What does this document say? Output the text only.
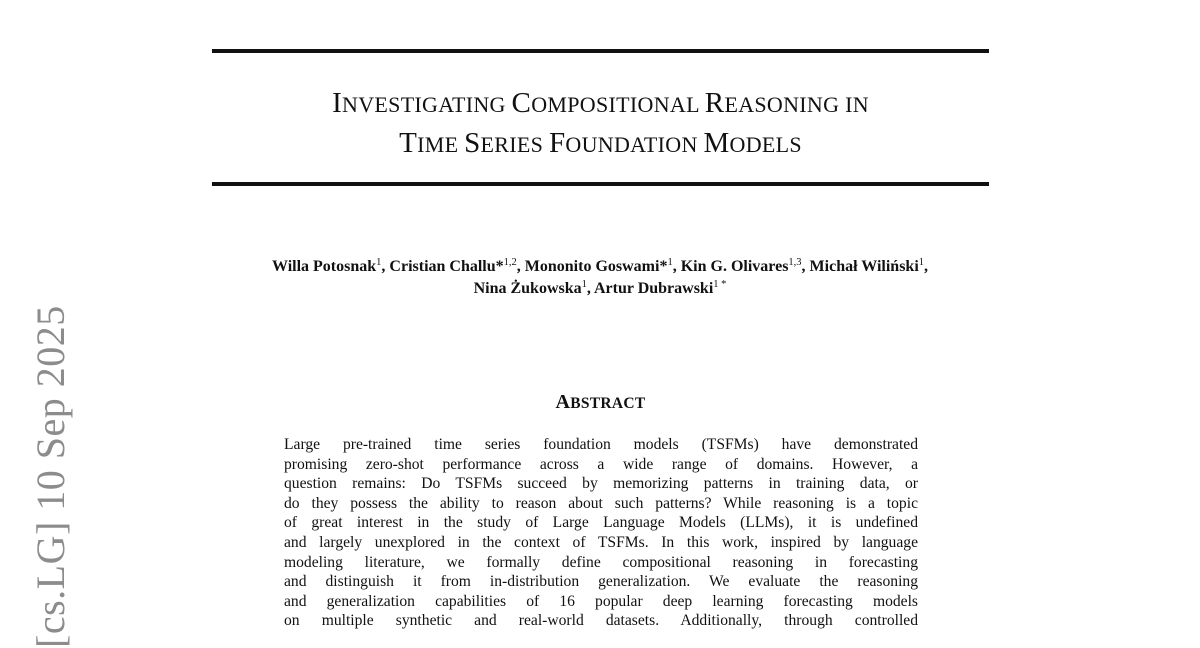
INVESTIGATING COMPOSITIONAL REASONING IN
TIME SERIES FOUNDATION MODELS
Willa Potosnak$^1$, Cristian Challu*$^{1,2}$, Mononito Goswami*$^1$, Kin G. Olivares$^{1,3}$, Michał Wiliński$^1$,
Nina Żukowska$^1$, Artur Dubrawski$^{1 *}$
ABSTRACT

Large pre-trained time series foundation models (TSFMs) have demonstrated
promising zero-shot performance across a wide range of domains. However, a
question remains: Do TSFMs succeed by memorizing patterns in training data, or
do they possess the ability to reason about such patterns? While reasoning is a topic
of great interest in the study of Large Language Models (LLMs), it is undefined
and largely unexplored in the context of TSFMs. In this work, inspired by language
modeling literature, we formally define compositional reasoning in forecasting
and distinguish it from in-distribution generalization. We evaluate the reasoning
and generalization capabilities of 16 popular deep learning forecasting models
on multiple synthetic and real-world datasets. Additionally, through controlled

[cs.LG] 10 Sep 2025
